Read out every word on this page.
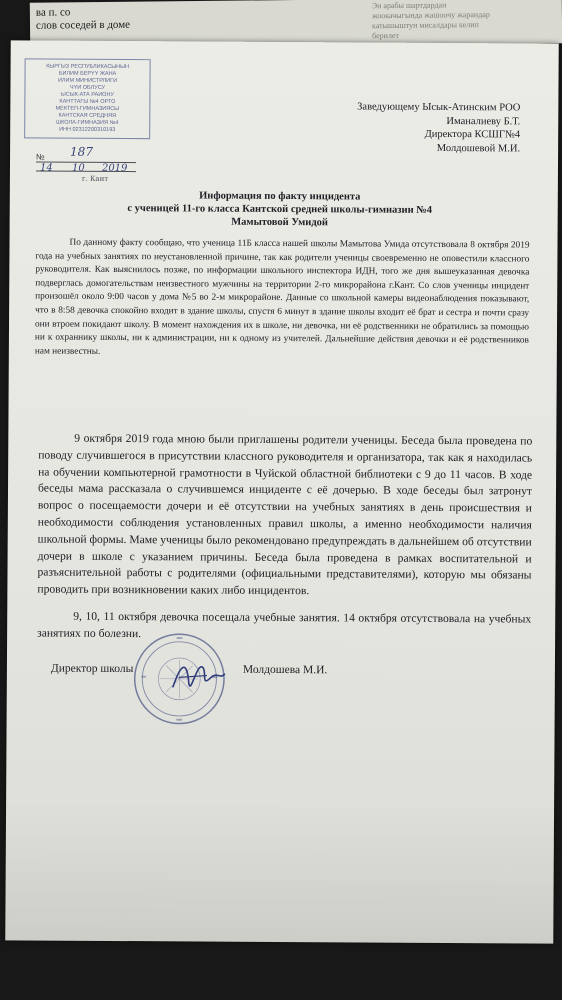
ва п. со
слов соседей в доме
Эн арабы шартдардан
жоокачыгында жашоочу жарандар
катышыштун мисалдары келип
берилет
КЫРГЫЗ РЕСПУБЛИКАСЫНЫН
БИЛИМ БЕРYY ЖАНА
ИЛИМ МИНИСТРЛИГИ
ЧYЙ ОБЛУСУ
ЫСЫК-АТА РАЙОНУ
КАНТТАГЫ №4 ОРТО
МЕКТЕП-ГИМНАЗИЯСЫ
КАНТСКАЯ СРЕДНЯЯ
ШКОЛА-ГИМНАЗИЯ №4
ИНН 02312200310193
№	187
14 10 2019
г. Кант
Заведующему Ысык-Атинским РОО
Иманалиеву Б.Т.
Директора КСШГ№4
Молдошевой М.И.
Информация по факту инцидента
с ученицей 11-го класса Кантской средней школы-гимназии №4
Мамытовой Умидой

По данному факту сообщаю, что ученица 11Б класса нашей школы Мамытова Умида отсутствовала 8 октября 2019 года на учебных занятиях по неустановленной причине, так как родители ученицы своевременно не оповестили классного руководителя. Как выяснилось позже, по информации школьного инспектора ИДН, того же дня вышеуказанная девочка подверглась домогательствам неизвестного мужчины на территории 2-го микрорайона г.Кант. Со слов ученицы инцидент произошёл около 9:00 часов у дома №5 во 2-м микрорайоне. Данные со школьной камеры видеонаблюдения показывают, что в 8:58 девочка спокойно входит в здание школы, спустя 6 минут в здание школы входит её брат и сестра и почти сразу они втроем покидают школу. В момент нахождения их в школе, ни девочка, ни её родственники не обратились за помощью ни к охраннику школы, ни к администрации, ни к одному из учителей. Дальнейшие действия девочки и её родственников нам неизвестны.

9 октября 2019 года мною были приглашены родители ученицы. Беседа была проведена по поводу случившегося в присутствии классного руководителя и организатора, так как я находилась на обучении компьютерной грамотности в Чуйской областной библиотеки с 9 до 11 часов. В ходе беседы мама рассказала о случившемся инциденте с её дочерью. В ходе беседы был затронут вопрос о посещаемости дочери и её отсутствии на учебных занятиях в день происшествия и необходимости соблюдения установленных правил школы, а именно необходимости наличия школьной формы. Маме ученицы было рекомендовано предупреждать в дальнейшем об отсутствии дочери в школе с указанием причины. Беседа была проведена в рамках воспитательной и разъяснительной работы с родителями (официальными представителями), которую мы обязаны проводить при возникновении каких либо инцидентов.

9, 10, 11 октября девочка посещала учебные занятия. 14 октября отсутствовала на учебных занятиях по болезни.

Директор школы	Молдошева М.И.
